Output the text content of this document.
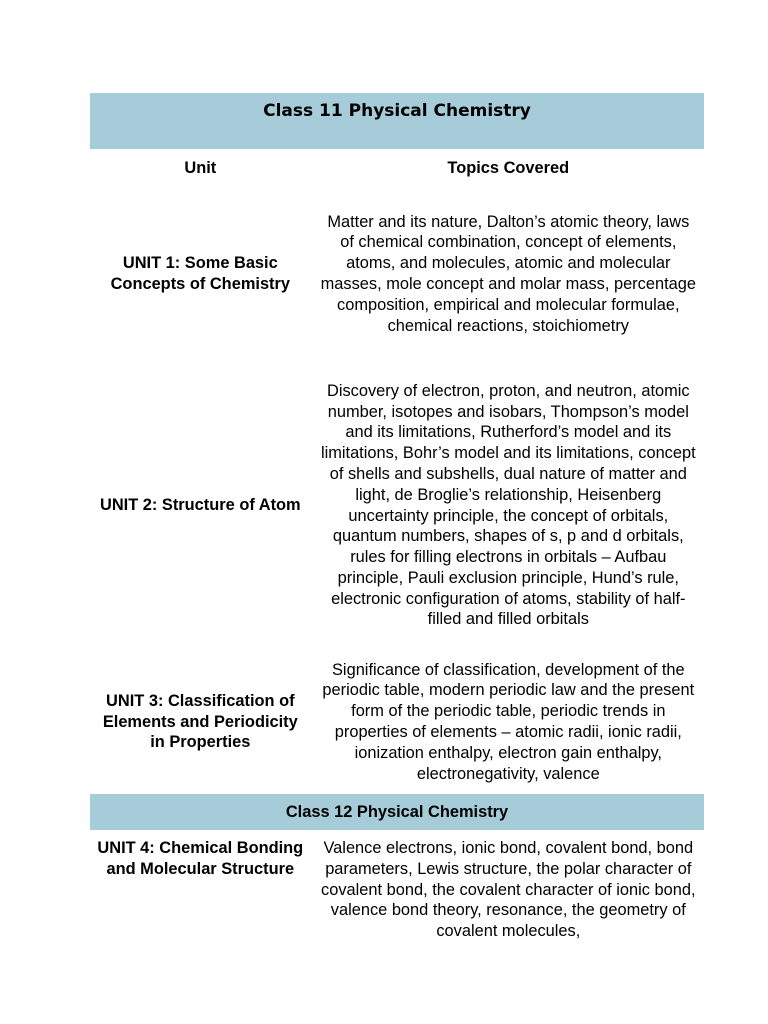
Class 11 Physical Chemistry	
Unit	Topics Covered
UNIT 1: Some Basic Concepts of Chemistry	Matter and its nature, Dalton’s atomic theory, laws of chemical combination, concept of elements, atoms, and molecules, atomic and molecular masses, mole concept and molar mass, percentage composition, empirical and molecular formulae, chemical reactions, stoichiometry
UNIT 2: Structure of Atom	Discovery of electron, proton, and neutron, atomic number, isotopes and isobars, Thompson’s model and its limitations, Rutherford’s model and its limitations, Bohr’s model and its limitations, concept of shells and subshells, dual nature of matter and light, de Broglie’s relationship, Heisenberg uncertainty principle, the concept of orbitals, quantum numbers, shapes of s, p and d orbitals, rules for filling electrons in orbitals – Aufbau principle, Pauli exclusion principle, Hund’s rule, electronic configuration of atoms, stability of half-filled and filled orbitals
UNIT 3: Classification of Elements and Periodicity in Properties	Significance of classification, development of the periodic table, modern periodic law and the present form of the periodic table, periodic trends in properties of elements – atomic radii, ionic radii, ionization enthalpy, electron gain enthalpy, electronegativity, valence
Class 12 Physical Chemistry	
UNIT 4: Chemical Bonding and Molecular Structure	Valence electrons, ionic bond, covalent bond, bond parameters, Lewis structure, the polar character of covalent bond, the covalent character of ionic bond, valence bond theory, resonance, the geometry of covalent molecules,
